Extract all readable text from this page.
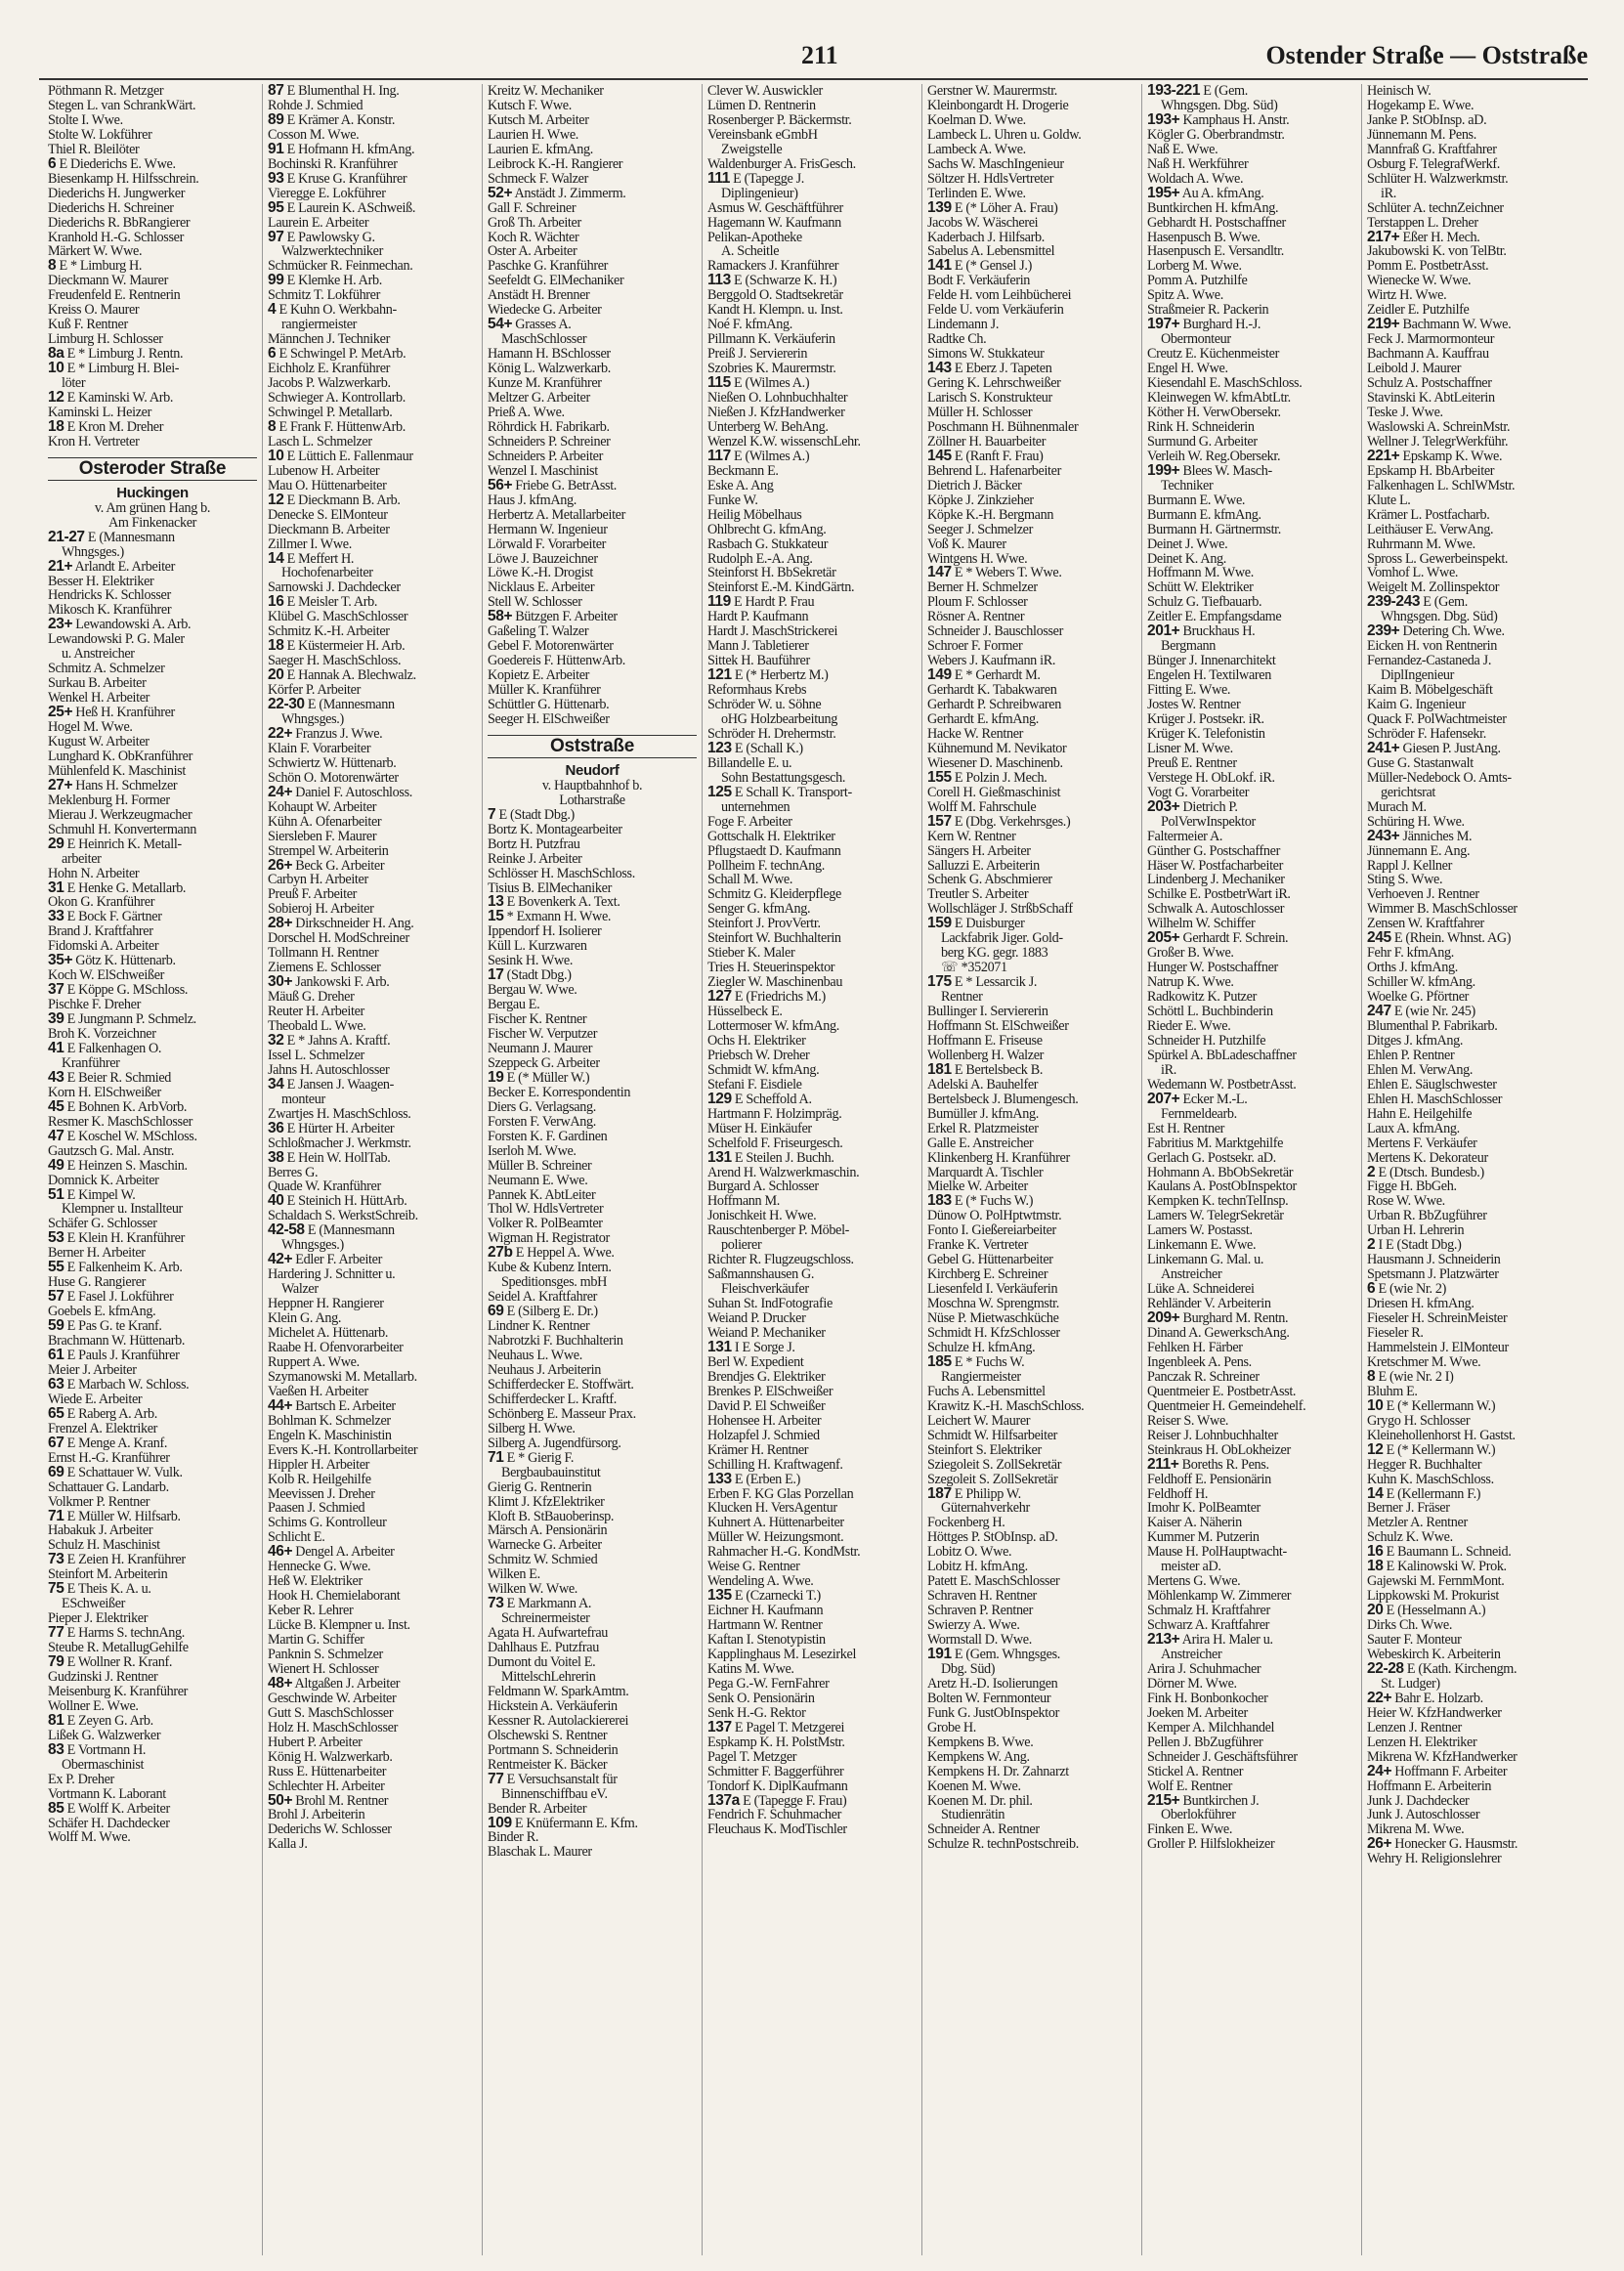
211	Ostender Straße — Oststraße
Pöthmann R. Metzger
Stegen L. van SchrankWärt.
Stolte I. Wwe.
Stolte W. Lokführer
Thiel R. Bleilöter
6 E Diederichs E. Wwe.
Biesenkamp H. Hilfsschrein.
Diederichs H. Jungwerker
Diederichs H. Schreiner
Diederichs R. BbRangierer
Kranhold H.-G. Schlosser
Märkert W. Wwe.
8 E * Limburg H.
Dieckmann W. Maurer
Freudenfeld E. Rentnerin
Kreiss O. Maurer
Kuß F. Rentner
Limburg H. Schlosser
8a E * Limburg J. Rentn.
10 E * Limburg H. Blei-
löter
12 E Kaminski W. Arb.
Kaminski L. Heizer
18 E Kron M. Dreher
Kron H. Vertreter
Osteroder Straße
Huckingen
v. Am grünen Hang b.
Am Finkenacker
21-27 E (Mannesmann
Whngsges.)
21+ Arlandt E. Arbeiter
Besser H. Elektriker
Hendricks K. Schlosser
Mikosch K. Kranführer
23+ Lewandowski A. Arb.
Lewandowski P. G. Maler
u. Anstreicher
Schmitz A. Schmelzer
Surkau B. Arbeiter
Wenkel H. Arbeiter
25+ Heß H. Kranführer
Hogel M. Wwe.
Kugust W. Arbeiter
Lunghard K. ObKranführer
Mühlenfeld K. Maschinist
27+ Hans H. Schmelzer
Meklenburg H. Former
Mierau J. Werkzeugmacher
Schmuhl H. Konvertermann
29 E Heinrich K. Metall-
arbeiter
Hohn N. Arbeiter
31 E Henke G. Metallarb.
Okon G. Kranführer
33 E Bock F. Gärtner
Brand J. Kraftfahrer
Fidomski A. Arbeiter
35+ Götz K. Hüttenarb.
Koch W. ElSchweißer
37 E Köppe G. MSchloss.
Pischke F. Dreher
39 E Jungmann P. Schmelz.
Broh K. Vorzeichner
41 E Falkenhagen O.
Kranführer
43 E Beier R. Schmied
Korn H. ElSchweißer
45 E Bohnen K. ArbVorb.
Resmer K. MaschSchlosser
47 E Koschel W. MSchloss.
Gautzsch G. Mal. Anstr.
49 E Heinzen S. Maschin.
Domnick K. Arbeiter
51 E Kimpel W.
Klempner u. Installteur
Schäfer G. Schlosser
53 E Klein H. Kranführer
Berner H. Arbeiter
55 E Falkenheim K. Arb.
Huse G. Rangierer
57 E Fasel J. Lokführer
Goebels E. kfmAng.
59 E Pas G. te Kranf.
Brachmann W. Hüttenarb.
61 E Pauls J. Kranführer
Meier J. Arbeiter
63 E Marbach W. Schloss.
Wiede E. Arbeiter
65 E Raberg A. Arb.
Frenzel A. Elektriker
67 E Menge A. Kranf.
Ernst H.-G. Kranführer
69 E Schattauer W. Vulk.
Schattauer G. Landarb.
Volkmer P. Rentner
71 E Müller W. Hilfsarb.
Habakuk J. Arbeiter
Schulz H. Maschinist
73 E Zeien H. Kranführer
Steinfort M. Arbeiterin
75 E Theis K. A. u.
ESchweißer
Pieper J. Elektriker
77 E Harms S. technAng.
Steube R. MetallugGehilfe
79 E Wollner R. Kranf.
Gudzinski J. Rentner
Meisenburg K. Kranführer
Wollner E. Wwe.
81 E Zeyen G. Arb.
Lißek G. Walzwerker
83 E Vortmann H.
Obermaschinist
Ex P. Dreher
Vortmann K. Laborant
85 E Wolff K. Arbeiter
Schäfer H. Dachdecker
Wolff M. Wwe.
87 E Blumenthal H. Ing.
Rohde J. Schmied
89 E Krämer A. Konstr.
Cosson M. Wwe.
91 E Hofmann H. kfmAng.
Bochinski R. Kranführer
93 E Kruse G. Kranführer
Vieregge E. Lokführer
95 E Laurein K. ASchweiß.
Laurein E. Arbeiter
97 E Pawlowsky G.
Walzwerktechniker
Schmücker R. Feinmechan.
99 E Klemke H. Arb.
Schmitz T. Lokführer
4 E Kuhn O. Werkbahn-
rangiermeister
Männchen J. Techniker
6 E Schwingel P. MetArb.
Eichholz E. Kranführer
Jacobs P. Walzwerkarb.
Schwieger A. Kontrollarb.
Schwingel P. Metallarb.
8 E Frank F. HüttenwArb.
Lasch L. Schmelzer
10 E Lüttich E. Fallenmaur
Lubenow H. Arbeiter
Mau O. Hüttenarbeiter
12 E Dieckmann B. Arb.
Denecke S. ElMonteur
Dieckmann B. Arbeiter
Zillmer I. Wwe.
14 E Meffert H.
Hochofenarbeiter
Sarnowski J. Dachdecker
16 E Meisler T. Arb.
Klübel G. MaschSchlosser
Schmitz K.-H. Arbeiter
18 E Küstermeier H. Arb.
Saeger H. MaschSchloss.
20 E Hannak A. Blechwalz.
Körfer P. Arbeiter
22-30 E (Mannesmann
Whngsges.)
22+ Franzus J. Wwe.
Klain F. Vorarbeiter
Schwiertz W. Hüttenarb.
Schön O. Motorenwärter
24+ Daniel F. Autoschloss.
Kohaupt W. Arbeiter
Kühn A. Ofenarbeiter
Siersleben F. Maurer
Strempel W. Arbeiterin
26+ Beck G. Arbeiter
Carbyn H. Arbeiter
Preuß F. Arbeiter
Sobieroj H. Arbeiter
28+ Dirkschneider H. Ang.
Dorschel H. ModSchreiner
Tollmann H. Rentner
Ziemens E. Schlosser
30+ Jankowski F. Arb.
Mäuß G. Dreher
Reuter H. Arbeiter
Theobald L. Wwe.
32 E * Jahns A. Kraftf.
Issel L. Schmelzer
Jahns H. Autoschlosser
34 E Jansen J. Waagen-
monteur
Zwartjes H. MaschSchloss.
36 E Hürter H. Arbeiter
Schloßmacher J. Werkmstr.
38 E Hein W. HollTab.
Berres G.
Quade W. Kranführer
40 E Steinich H. HüttArb.
Schaldach S. WerkstSchreib.
42-58 E (Mannesmann
Whngsges.)
42+ Edler F. Arbeiter
Hardering J. Schnitter u.
Walzer
Heppner H. Rangierer
Klein G. Ang.
Michelet A. Hüttenarb.
Raabe H. Ofenvorarbeiter
Ruppert A. Wwe.
Szymanowski M. Metallarb.
Vaeßen H. Arbeiter
44+ Bartsch E. Arbeiter
Bohlman K. Schmelzer
Engeln K. Maschinistin
Evers K.-H. Kontrollarbeiter
Hippler H. Arbeiter
Kolb R. Heilgehilfe
Meevissen J. Dreher
Paasen J. Schmied
Schims G. Kontrolleur
Schlicht E.
46+ Dengel A. Arbeiter
Hennecke G. Wwe.
Heß W. Elektriker
Hook H. Chemielaborant
Keber R. Lehrer
Lücke B. Klempner u. Inst.
Martin G. Schiffer
Panknin S. Schmelzer
Wienert H. Schlosser
48+ Altgaßen J. Arbeiter
Geschwinde W. Arbeiter
Gutt S. MaschSchlosser
Holz H. MaschSchlosser
Hubert P. Arbeiter
König H. Walzwerkarb.
Russ E. Hüttenarbeiter
Schlechter H. Arbeiter
50+ Brohl M. Rentner
Brohl J. Arbeiterin
Dederichs W. Schlosser
Kalla J.
Kreitz W. Mechaniker
Kutsch F. Wwe.
Kutsch M. Arbeiter
Laurien H. Wwe.
Laurien E. kfmAng.
Leibrock K.-H. Rangierer
Schmeck F. Walzer
52+ Anstädt J. Zimmerm.
Gall F. Schreiner
Groß Th. Arbeiter
Koch R. Wächter
Oster A. Arbeiter
Paschke G. Kranführer
Seefeldt G. ElMechaniker
Anstädt H. Brenner
Wiedecke G. Arbeiter
54+ Grasses A.
MaschSchlosser
Hamann H. BSchlosser
König L. Walzwerkarb.
Kunze M. Kranführer
Meltzer G. Arbeiter
Prieß A. Wwe.
Röhrdick H. Fabrikarb.
Schneiders P. Schreiner
Schneiders P. Arbeiter
Wenzel I. Maschinist
56+ Friebe G. BetrAsst.
Haus J. kfmAng.
Herbertz A. Metallarbeiter
Hermann W. Ingenieur
Lörwald F. Vorarbeiter
Löwe J. Bauzeichner
Löwe K.-H. Drogist
Nicklaus E. Arbeiter
Stell W. Schlosser
58+ Bützgen F. Arbeiter
Gaßeling T. Walzer
Gebel F. Motorenwärter
Goedereis F. HüttenwArb.
Kopietz E. Arbeiter
Müller K. Kranführer
Schüttler G. Hüttenarb.
Seeger H. ElSchweißer
Oststraße
Neudorf
v. Hauptbahnhof b.
Lotharstraße
7 E (Stadt Dbg.)
Bortz K. Montagearbeiter
Bortz H. Putzfrau
Reinke J. Arbeiter
Schlösser H. MaschSchloss.
Tisius B. ElMechaniker
13 E Bovenkerk A. Text.
15 * Exmann H. Wwe.
Ippendorf H. Isolierer
Küll L. Kurzwaren
Sesink H. Wwe.
17 (Stadt Dbg.)
Bergau W. Wwe.
Bergau E.
Fischer K. Rentner
Fischer W. Verputzer
Neumann J. Maurer
Szeppeck G. Arbeiter
19 E (* Müller W.)
Becker E. Korrespondentin
Diers G. Verlagsang.
Forsten F. VerwAng.
Forsten K. F. Gardinen
Iserloh M. Wwe.
Müller B. Schreiner
Neumann E. Wwe.
Pannek K. AbtLeiter
Thol W. HdlsVertreter
Volker R. PolBeamter
Wigman H. Registrator
27b E Heppel A. Wwe.
Kube & Kubenz Intern.
Speditionsges. mbH
Seidel A. Kraftfahrer
69 E (Silberg E. Dr.)
Lindner K. Rentner
Nabrotzki F. Buchhalterin
Neuhaus L. Wwe.
Neuhaus J. Arbeiterin
Schifferdecker E. Stoffwärt.
Schifferdecker L. Kraftf.
Schönberg E. Masseur Prax.
Silberg H. Wwe.
Silberg A. Jugendfürsorg.
71 E * Gierig F.
Bergbaubauinstitut
Gierig G. Rentnerin
Klimt J. KfzElektriker
Kloft B. StBauoberinsp.
Märsch A. Pensionärin
Warnecke G. Arbeiter
Schmitz W. Schmied
Wilken E.
Wilken W. Wwe.
73 E Markmann A.
Schreinermeister
Agata H. Aufwartefrau
Dahlhaus E. Putzfrau
Dumont du Voitel E.
MittelschLehrerin
Feldmann W. SparkAmtm.
Hickstein A. Verkäuferin
Kessner R. Autolackiererei
Olschewski S. Rentner
Portmann S. Schneiderin
Rentmeister K. Bäcker
77 E Versuchsanstalt für
Binnenschiffbau eV.
Bender R. Arbeiter
109 E Knüfermann E. Kfm.
Binder R.
Blaschak L. Maurer
Clever W. Auswickler
Lümen D. Rentnerin
Rosenberger P. Bäckermstr.
Vereinsbank eGmbH
Zweigstelle
Waldenburger A. FrisGesch.
111 E (Tapegge J.
Diplingenieur)
Asmus W. Geschäftführer
Hagemann W. Kaufmann
Pelikan-Apotheke
A. Scheitle
Ramackers J. Kranführer
113 E (Schwarze K. H.)
Berggold O. Stadtsekretär
Kandt H. Klempn. u. Inst.
Noé F. kfmAng.
Pillmann K. Verkäuferin
Preiß J. Serviererin
Szobries K. Maurermstr.
115 E (Wilmes A.)
Nießen O. Lohnbuchhalter
Nießen J. KfzHandwerker
Unterberg W. BehAng.
Wenzel K.W. wissenschLehr.
117 E (Wilmes A.)
Beckmann E.
Eske A. Ang
Funke W.
Heilig Möbelhaus
Ohlbrecht G. kfmAng.
Rasbach G. Stukkateur
Rudolph E.-A. Ang.
Steinforst H. BbSekretär
Steinforst E.-M. KindGärtn.
119 E Hardt P. Frau
Hardt P. Kaufmann
Hardt J. MaschStrickerei
Mann J. Tabletierer
Sittek H. Bauführer
121 E (* Herbertz M.)
Reformhaus Krebs
Schröder W. u. Söhne
oHG Holzbearbeitung
Schröder H. Drehermstr.
123 E (Schall K.)
Billandelle E. u.
Sohn Bestattungsgesch.
125 E Schall K. Transport-
unternehmen
Foge F. Arbeiter
Gottschalk H. Elektriker
Pflugstaedt D. Kaufmann
Pollheim F. technAng.
Schall M. Wwe.
Schmitz G. Kleiderpflege
Senger G. kfmAng.
Steinfort J. ProvVertr.
Steinfort W. Buchhalterin
Stieber K. Maler
Tries H. Steuerinspektor
Ziegler W. Maschinenbau
127 E (Friedrichs M.)
Hüsselbeck E.
Lottermoser W. kfmAng.
Ochs H. Elektriker
Priebsch W. Dreher
Schmidt W. kfmAng.
Stefani F. Eisdiele
129 E Scheffold A.
Hartmann F. Holzimpräg.
Müser H. Einkäufer
Schelfold F. Friseurgesch.
131 E Steilen J. Buchh.
Arend H. Walzwerkmaschin.
Burgard A. Schlosser
Hoffmann M.
Jonischkeit H. Wwe.
Rauschtenberger P. Möbel-
polierer
Richter R. Flugzeugschloss.
Saßmannshausen G.
Fleischverkäufer
Suhan St. IndFotografie
Weiand P. Drucker
Weiand P. Mechaniker
131 I E Sorge J.
Berl W. Expedient
Brendjes G. Elektriker
Brenkes P. ElSchweißer
David P. El Schweißer
Hohensee H. Arbeiter
Holzapfel J. Schmied
Krämer H. Rentner
Schilling H. Kraftwagenf.
133 E (Erben E.)
Erben F. KG Glas Porzellan
Klucken H. VersAgentur
Kuhnert A. Hüttenarbeiter
Müller W. Heizungsmont.
Rahmacher H.-G. KondMstr.
Weise G. Rentner
Wendeling A. Wwe.
135 E (Czarnecki T.)
Eichner H. Kaufmann
Hartmann W. Rentner
Kaftan I. Stenotypistin
Kapplinghaus M. Lesezirkel
Katins M. Wwe.
Pega G.-W. FernFahrer
Senk O. Pensionärin
Senk H.-G. Rektor
137 E Pagel T. Metzgerei
Espkamp K. H. PolstMstr.
Pagel T. Metzger
Schmitter F. Baggerführer
Tondorf K. DiplKaufmann
137a E (Tapegge F. Frau)
Fendrich F. Schuhmacher
Fleuchaus K. ModTischler
Gerstner W. Maurermstr.
Kleinbongardt H. Drogerie
Koelman D. Wwe.
Lambeck L. Uhren u. Goldw.
Lambeck A. Wwe.
Sachs W. MaschIngenieur
Söltzer H. HdlsVertreter
Terlinden E. Wwe.
139 E (* Löher A. Frau)
Jacobs W. Wäscherei
Kaderbach J. Hilfsarb.
Sabelus A. Lebensmittel
141 E (* Gensel J.)
Bodt F. Verkäuferin
Felde H. vom Leihbücherei
Felde U. vom Verkäuferin
Lindemann J.
Radtke Ch.
Simons W. Stukkateur
143 E Eberz J. Tapeten
Gering K. Lehrschweißer
Larisch S. Konstrukteur
Müller H. Schlosser
Poschmann H. Bühnenmaler
Zöllner H. Bauarbeiter
145 E (Ranft F. Frau)
Behrend L. Hafenarbeiter
Dietrich J. Bäcker
Köpke J. Zinkzieher
Köpke K.-H. Bergmann
Seeger J. Schmelzer
Voß K. Maurer
Wintgens H. Wwe.
147 E * Webers T. Wwe.
Berner H. Schmelzer
Ploum F. Schlosser
Rösner A. Rentner
Schneider J. Bauschlosser
Schroer F. Former
Webers J. Kaufmann iR.
149 E * Gerhardt M.
Gerhardt K. Tabakwaren
Gerhardt P. Schreibwaren
Gerhardt E. kfmAng.
Hacke W. Rentner
Kühnemund M. Nevikator
Wiesener D. Maschinenb.
155 E Polzin J. Mech.
Corell H. Gießmaschinist
Wolff M. Fahrschule
157 E (Dbg. Verkehrsges.)
Kern W. Rentner
Sängers H. Arbeiter
Salluzzi E. Arbeiterin
Schenk G. Abschmierer
Treutler S. Arbeiter
Wollschläger J. StrßbSchaff
159 E Duisburger
Lackfabrik Jiger. Gold-
berg KG. gegr. 1883
☏ *352071
175 E * Lessarcik J.
Rentner
Bullinger I. Serviererin
Hoffmann St. ElSchweißer
Hoffmann E. Friseuse
Wollenberg H. Walzer
181 E Bertelsbeck B.
Adelski A. Bauhelfer
Bertelsbeck J. Blumengesch.
Bumüller J. kfmAng.
Erkel R. Platzmeister
Galle E. Anstreicher
Klinkenberg H. Kranführer
Marquardt A. Tischler
Mielke W. Arbeiter
183 E (* Fuchs W.)
Dünow O. PolHptwtmstr.
Fonto I. Gießereiarbeiter
Franke K. Vertreter
Gebel G. Hüttenarbeiter
Kirchberg E. Schreiner
Liesenfeld I. Verkäuferin
Moschna W. Sprengmstr.
Nüse P. Mietwaschküche
Schmidt H. KfzSchlosser
Schulze H. kfmAng.
185 E * Fuchs W.
Rangiermeister
Fuchs A. Lebensmittel
Krawitz K.-H. MaschSchloss.
Leichert W. Maurer
Schmidt W. Hilfsarbeiter
Steinfort S. Elektriker
Sziegoleit S. ZollSekretär
Szegoleit S. ZollSekretär
187 E Philipp W.
Güternahverkehr
Fockenberg H.
Höttges P. StObInsp. aD.
Lobitz O. Wwe.
Lobitz H. kfmAng.
Patett E. MaschSchlosser
Schraven H. Rentner
Schraven P. Rentner
Swierzy A. Wwe.
Wormstall D. Wwe.
191 E (Gem. Whngsges.
Dbg. Süd)
Aretz H.-D. Isolierungen
Bolten W. Fernmonteur
Funk G. JustObInspektor
Grobe H.
Kempkens B. Wwe.
Kempkens W. Ang.
Kempkens H. Dr. Zahnarzt
Koenen M. Wwe.
Koenen M. Dr. phil.
Studienrätin
Schneider A. Rentner
Schulze R. technPostschreib.
193-221 E (Gem.
Whngsgen. Dbg. Süd)
193+ Kamphaus H. Anstr.
Kögler G. Oberbrandmstr.
Naß E. Wwe.
Naß H. Werkführer
Woldach A. Wwe.
195+ Au A. kfmAng.
Buntkirchen H. kfmAng.
Gebhardt H. Postschaffner
Hasenpusch B. Wwe.
Hasenpusch E. Versandltr.
Lorberg M. Wwe.
Pomm A. Putzhilfe
Spitz A. Wwe.
Straßmeier R. Packerin
197+ Burghard H.-J.
Obermonteur
Creutz E. Küchenmeister
Engel H. Wwe.
Kiesendahl E. MaschSchloss.
Kleinwegen W. kfmAbtLtr.
Köther H. VerwObersekr.
Rink H. Schneiderin
Surmund G. Arbeiter
Verleih W. Reg.Obersekr.
199+ Blees W. Masch-
Techniker
Burmann E. Wwe.
Burmann E. kfmAng.
Burmann H. Gärtnermstr.
Deinet J. Wwe.
Deinet K. Ang.
Hoffmann M. Wwe.
Schütt W. Elektriker
Schulz G. Tiefbauarb.
Zeitler E. Empfangsdame
201+ Bruckhaus H.
Bergmann
Bünger J. Innenarchitekt
Engelen H. Textilwaren
Fitting E. Wwe.
Jostes W. Rentner
Krüger J. Postsekr. iR.
Krüger K. Telefonistin
Lisner M. Wwe.
Preuß E. Rentner
Verstege H. ObLokf. iR.
Vogt G. Vorarbeiter
203+ Dietrich P.
PolVerwInspektor
Faltermeier A.
Günther G. Postschaffner
Häser W. Postfacharbeiter
Lindenberg J. Mechaniker
Schilke E. PostbetrWart iR.
Schwalk A. Autoschlosser
Wilhelm W. Schiffer
205+ Gerhardt F. Schrein.
Großer B. Wwe.
Hunger W. Postschaffner
Natrup K. Wwe.
Radkowitz K. Putzer
Schöttl L. Buchbinderin
Rieder E. Wwe.
Schneider H. Putzhilfe
Spürkel A. BbLadeschaffner
iR.
Wedemann W. PostbetrAsst.
207+ Ecker M.-L.
Fernmeldearb.
Est H. Rentner
Fabritius M. Marktgehilfe
Gerlach G. Postsekr. aD.
Hohmann A. BbObSekretär
Kaulans A. PostObInspektor
Kempken K. technTelInsp.
Lamers W. TelegrSekretär
Lamers W. Postasst.
Linkemann E. Wwe.
Linkemann G. Mal. u.
Anstreicher
Lüke A. Schneiderei
Rehländer V. Arbeiterin
209+ Burghard M. Rentn.
Dinand A. GewerkschAng.
Fehlken H. Färber
Ingenbleek A. Pens.
Panczak R. Schreiner
Quentmeier E. PostbetrAsst.
Quentmeier H. Gemeindehelf.
Reiser S. Wwe.
Reiser J. Lohnbuchhalter
Steinkraus H. ObLokheizer
211+ Boreths R. Pens.
Feldhoff E. Pensionärin
Feldhoff H.
Imohr K. PolBeamter
Kaiser A. Näherin
Kummer M. Putzerin
Mause H. PolHauptwacht-
meister aD.
Mertens G. Wwe.
Möhlenkamp W. Zimmerer
Schmalz H. Kraftfahrer
Schwarz A. Kraftfahrer
213+ Arira H. Maler u.
Anstreicher
Arira J. Schuhmacher
Dörner M. Wwe.
Fink H. Bonbonkocher
Joeken M. Arbeiter
Kemper A. Milchhandel
Pellen J. BbZugführer
Schneider J. Geschäftsführer
Stickel A. Rentner
Wolf E. Rentner
215+ Buntkirchen J.
Oberlokführer
Finken E. Wwe.
Groller P. Hilfslokheizer
Heinisch W.
Hogekamp E. Wwe.
Janke P. StObInsp. aD.
Jünnemann M. Pens.
Mannfraß G. Kraftfahrer
Osburg F. TelegrafWerkf.
Schlüter H. Walzwerkmstr.
iR.
Schlüter A. technZeichner
Terstappen L. Dreher
217+ Eßer H. Mech.
Jakubowski K. von TelBtr.
Pomm E. PostbetrAsst.
Wienecke W. Wwe.
Wirtz H. Wwe.
Zeidler E. Putzhilfe
219+ Bachmann W. Wwe.
Feck J. Marmormonteur
Bachmann A. Kauffrau
Leibold J. Maurer
Schulz A. Postschaffner
Stavinski K. AbtLeiterin
Teske J. Wwe.
Waslowski A. SchreinMstr.
Wellner J. TelegrWerkführ.
221+ Epskamp K. Wwe.
Epskamp H. BbArbeiter
Falkenhagen L. SchlWMstr.
Klute L.
Krämer L. Postfacharb.
Leithäuser E. VerwAng.
Ruhrmann M. Wwe.
Spross L. Gewerbeinspekt.
Vomhof L. Wwe.
Weigelt M. Zollinspektor
239-243 E (Gem.
Whngsgen. Dbg. Süd)
239+ Detering Ch. Wwe.
Eicken H. von Rentnerin
Fernandez-Castaneda J.
DiplIngenieur
Kaim B. Möbelgeschäft
Kaim G. Ingenieur
Quack F. PolWachtmeister
Schröder F. Hafensekr.
241+ Giesen P. JustAng.
Guse G. Stastanwalt
Müller-Nedebock O. Amts-
gerichtsrat
Murach M.
Schüring H. Wwe.
243+ Jänniches M.
Jünnemann E. Ang.
Rappl J. Kellner
Sting S. Wwe.
Verhoeven J. Rentner
Wimmer B. MaschSchlosser
Zensen W. Kraftfahrer
245 E (Rhein. Whnst. AG)
Fehr F. kfmAng.
Orths J. kfmAng.
Schiller W. kfmAng.
Woelke G. Pförtner
247 E (wie Nr. 245)
Blumenthal P. Fabrikarb.
Ditges J. kfmAng.
Ehlen P. Rentner
Ehlen M. VerwAng.
Ehlen E. Säuglschwester
Ehlen H. MaschSchlosser
Hahn E. Heilgehilfe
Laux A. kfmAng.
Mertens F. Verkäufer
Mertens K. Dekorateur
2 E (Dtsch. Bundesb.)
Figge H. BbGeh.
Rose W. Wwe.
Urban R. BbZugführer
Urban H. Lehrerin
2 I E (Stadt Dbg.)
Hausmann J. Schneiderin
Spetsmann J. Platzwärter
6 E (wie Nr. 2)
Driesen H. kfmAng.
Fieseler H. SchreinMeister
Fieseler R.
Hammelstein J. ElMonteur
Kretschmer M. Wwe.
8 E (wie Nr. 2 I)
Bluhm E.
10 E (* Kellermann W.)
Grygo H. Schlosser
Kleinehollenhorst H. Gastst.
12 E (* Kellermann W.)
Hegger R. Buchhalter
Kuhn K. MaschSchloss.
14 E (Kellermann F.)
Berner J. Fräser
Metzler A. Rentner
Schulz K. Wwe.
16 E Baumann L. Schneid.
18 E Kalinowski W. Prok.
Gajewski M. FernmMont.
Lippkowski M. Prokurist
20 E (Hesselmann A.)
Dirks Ch. Wwe.
Sauter F. Monteur
Webeskirch K. Arbeiterin
22-28 E (Kath. Kirchengm.
St. Ludger)
22+ Bahr E. Holzarb.
Heier W. KfzHandwerker
Lenzen J. Rentner
Lenzen H. Elektriker
Mikrena W. KfzHandwerker
24+ Hoffmann F. Arbeiter
Hoffmann E. Arbeiterin
Junk J. Dachdecker
Junk J. Autoschlosser
Mikrena M. Wwe.
26+ Honecker G. Hausmstr.
Wehry H. Religionslehrer
